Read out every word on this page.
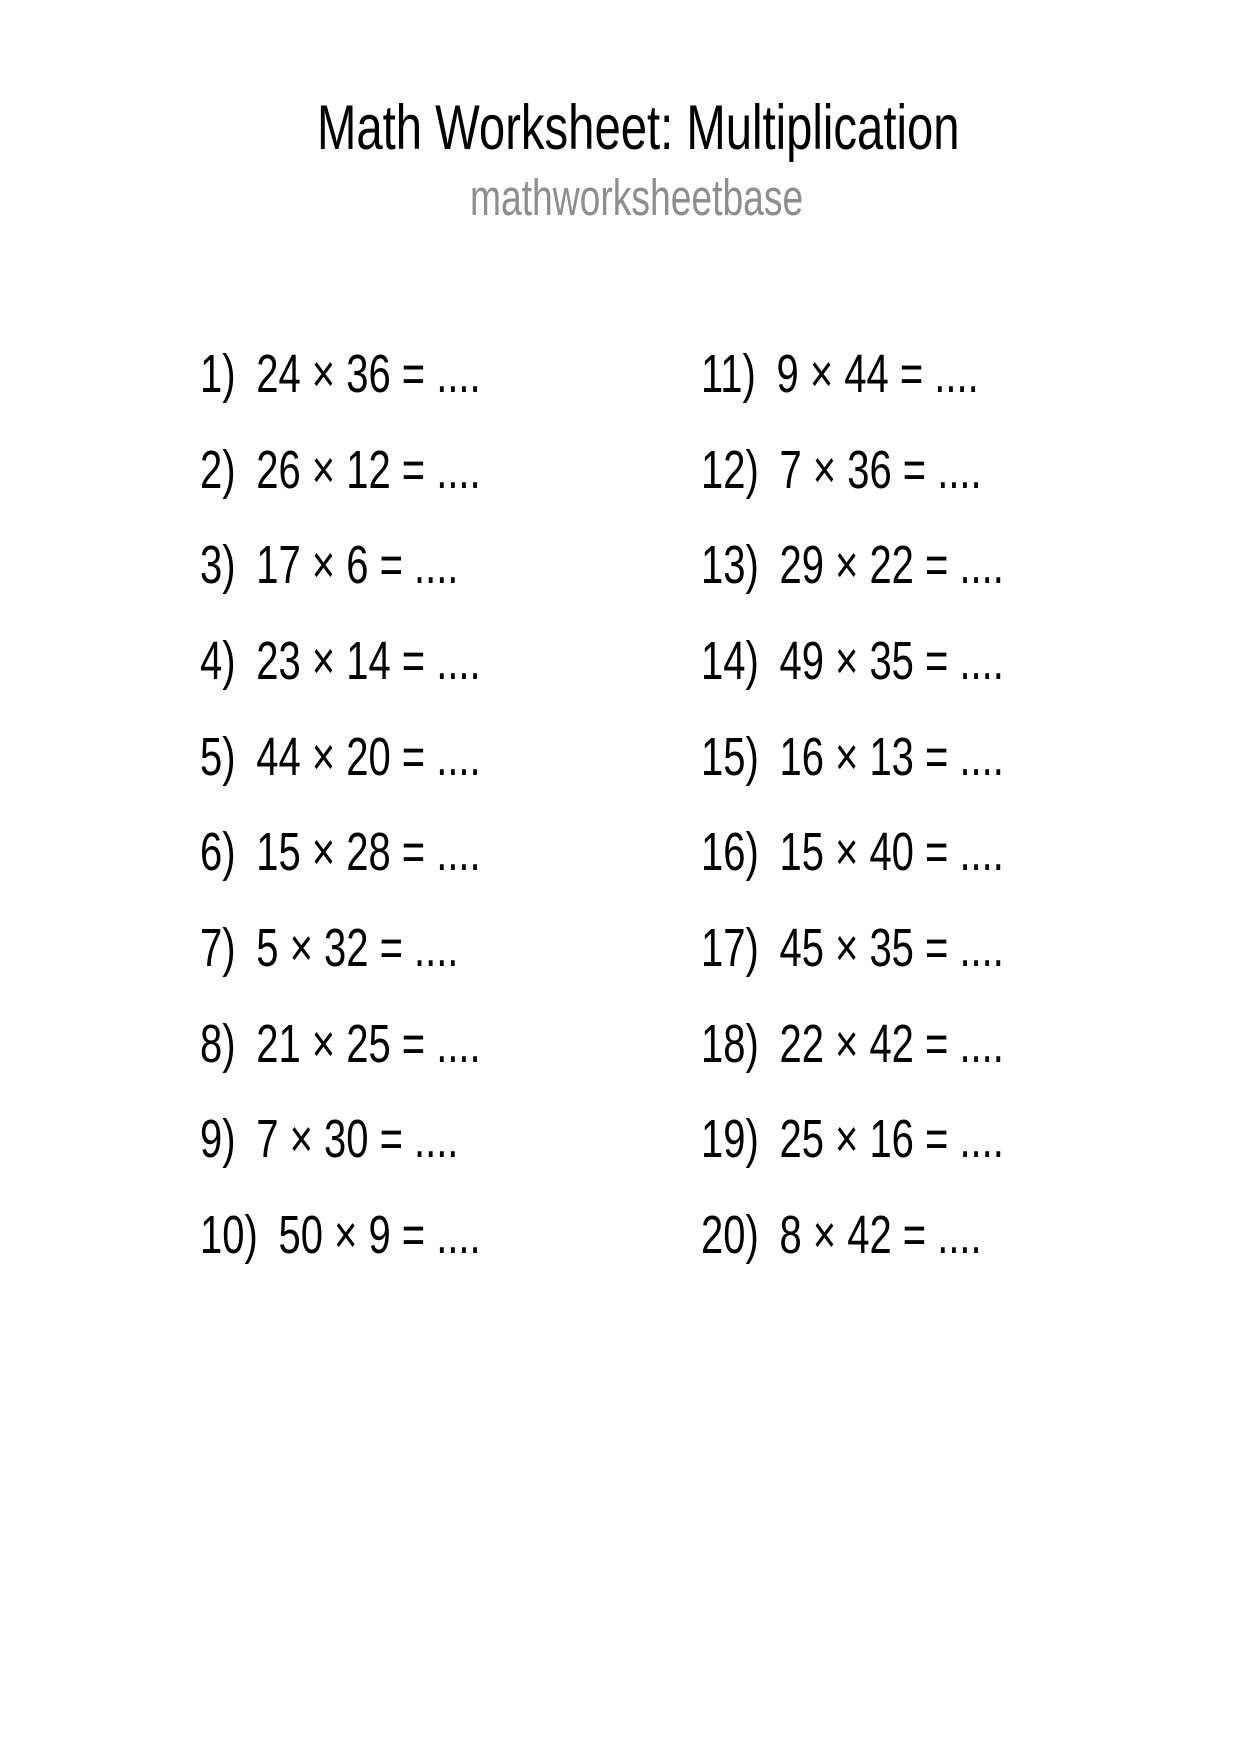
Math Worksheet: Multiplication
mathworksheetbase
1) 24 × 36 = ....
2) 26 × 12 = ....
3) 17 × 6 = ....
4) 23 × 14 = ....
5) 44 × 20 = ....
6) 15 × 28 = ....
7) 5 × 32 = ....
8) 21 × 25 = ....
9) 7 × 30 = ....
10) 50 × 9 = ....
11) 9 × 44 = ....
12) 7 × 36 = ....
13) 29 × 22 = ....
14) 49 × 35 = ....
15) 16 × 13 = ....
16) 15 × 40 = ....
17) 45 × 35 = ....
18) 22 × 42 = ....
19) 25 × 16 = ....
20) 8 × 42 = ....
